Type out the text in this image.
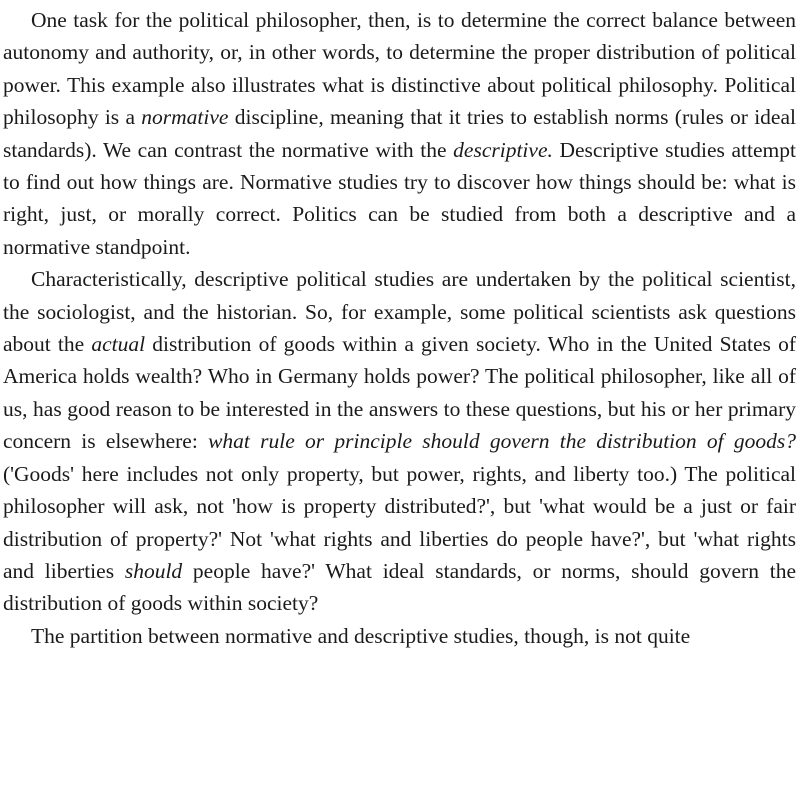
One task for the political philosopher, then, is to determine the correct balance between autonomy and authority, or, in other words, to determine the proper distribution of political power. This example also illustrates what is distinctive about political philosophy. Political philosophy is a normative discipline, meaning that it tries to establish norms (rules or ideal standards). We can contrast the normative with the descriptive. Descriptive studies attempt to find out how things are. Normative studies try to discover how things should be: what is right, just, or morally correct. Politics can be studied from both a descriptive and a normative standpoint.

Characteristically, descriptive political studies are undertaken by the political scientist, the sociologist, and the historian. So, for example, some political scientists ask questions about the actual distribution of goods within a given society. Who in the United States of America holds wealth? Who in Germany holds power? The political philosopher, like all of us, has good reason to be interested in the answers to these questions, but his or her primary concern is elsewhere: what rule or principle should govern the distribution of goods? ('Goods' here includes not only property, but power, rights, and liberty too.) The political philosopher will ask, not 'how is property distributed?', but 'what would be a just or fair distribution of property?' Not 'what rights and liberties do people have?', but 'what rights and liberties should people have?' What ideal standards, or norms, should govern the distribution of goods within society?

The partition between normative and descriptive studies, though, is not quite
